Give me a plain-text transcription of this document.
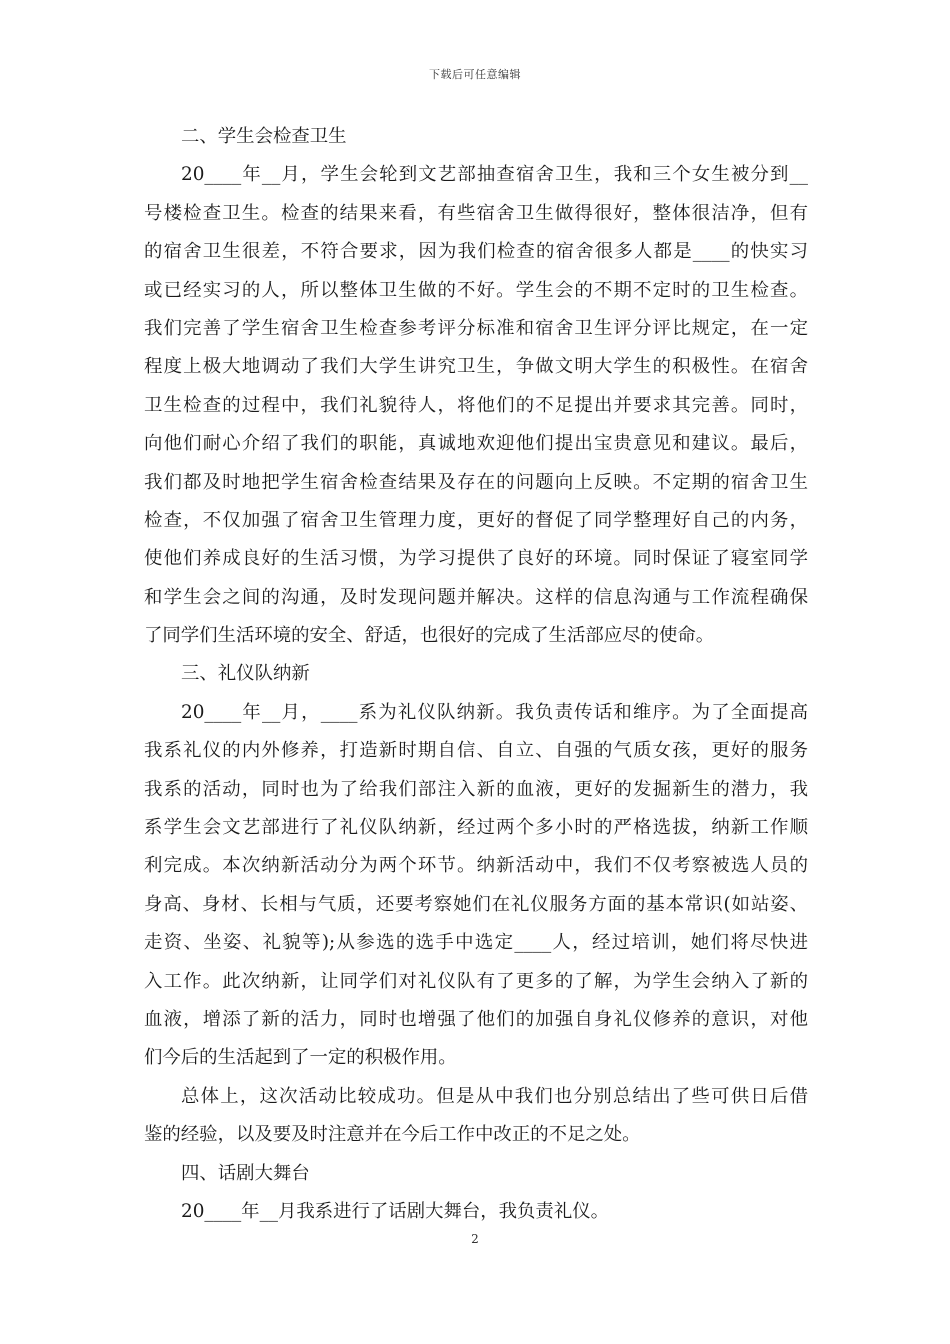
下载后可任意编辑
二、学生会检查卫生
20____年__月，学生会轮到文艺部抽查宿舍卫生，我和三个女生被分到__
号楼检查卫生。检查的结果来看，有些宿舍卫生做得很好，整体很洁净，但有
的宿舍卫生很差，不符合要求，因为我们检查的宿舍很多人都是____的快实习
或已经实习的人，所以整体卫生做的不好。学生会的不期不定时的卫生检查。
我们完善了学生宿舍卫生检查参考评分标准和宿舍卫生评分评比规定，在一定
程度上极大地调动了我们大学生讲究卫生，争做文明大学生的积极性。在宿舍
卫生检查的过程中，我们礼貌待人，将他们的不足提出并要求其完善。同时，
向他们耐心介绍了我们的职能，真诚地欢迎他们提出宝贵意见和建议。最后，
我们都及时地把学生宿舍检查结果及存在的问题向上反映。不定期的宿舍卫生
检查，不仅加强了宿舍卫生管理力度，更好的督促了同学整理好自己的内务，
使他们养成良好的生活习惯，为学习提供了良好的环境。同时保证了寝室同学
和学生会之间的沟通，及时发现问题并解决。这样的信息沟通与工作流程确保
了同学们生活环境的安全、舒适，也很好的完成了生活部应尽的使命。
三、礼仪队纳新
20____年__月，____系为礼仪队纳新。我负责传话和维序。为了全面提高
我系礼仪的内外修养，打造新时期自信、自立、自强的气质女孩，更好的服务
我系的活动，同时也为了给我们部注入新的血液，更好的发掘新生的潜力，我
系学生会文艺部进行了礼仪队纳新，经过两个多小时的严格选拔，纳新工作顺
利完成。本次纳新活动分为两个环节。纳新活动中，我们不仅考察被选人员的
身高、身材、长相与气质，还要考察她们在礼仪服务方面的基本常识(如站姿、
走资、坐姿、礼貌等);从参选的选手中选定____人，经过培训，她们将尽快进
入工作。此次纳新，让同学们对礼仪队有了更多的了解，为学生会纳入了新的
血液，增添了新的活力，同时也增强了他们的加强自身礼仪修养的意识，对他
们今后的生活起到了一定的积极作用。
总体上，这次活动比较成功。但是从中我们也分别总结出了些可供日后借
鉴的经验，以及要及时注意并在今后工作中改正的不足之处。
四、话剧大舞台
20____年__月我系进行了话剧大舞台，我负责礼仪。
2
